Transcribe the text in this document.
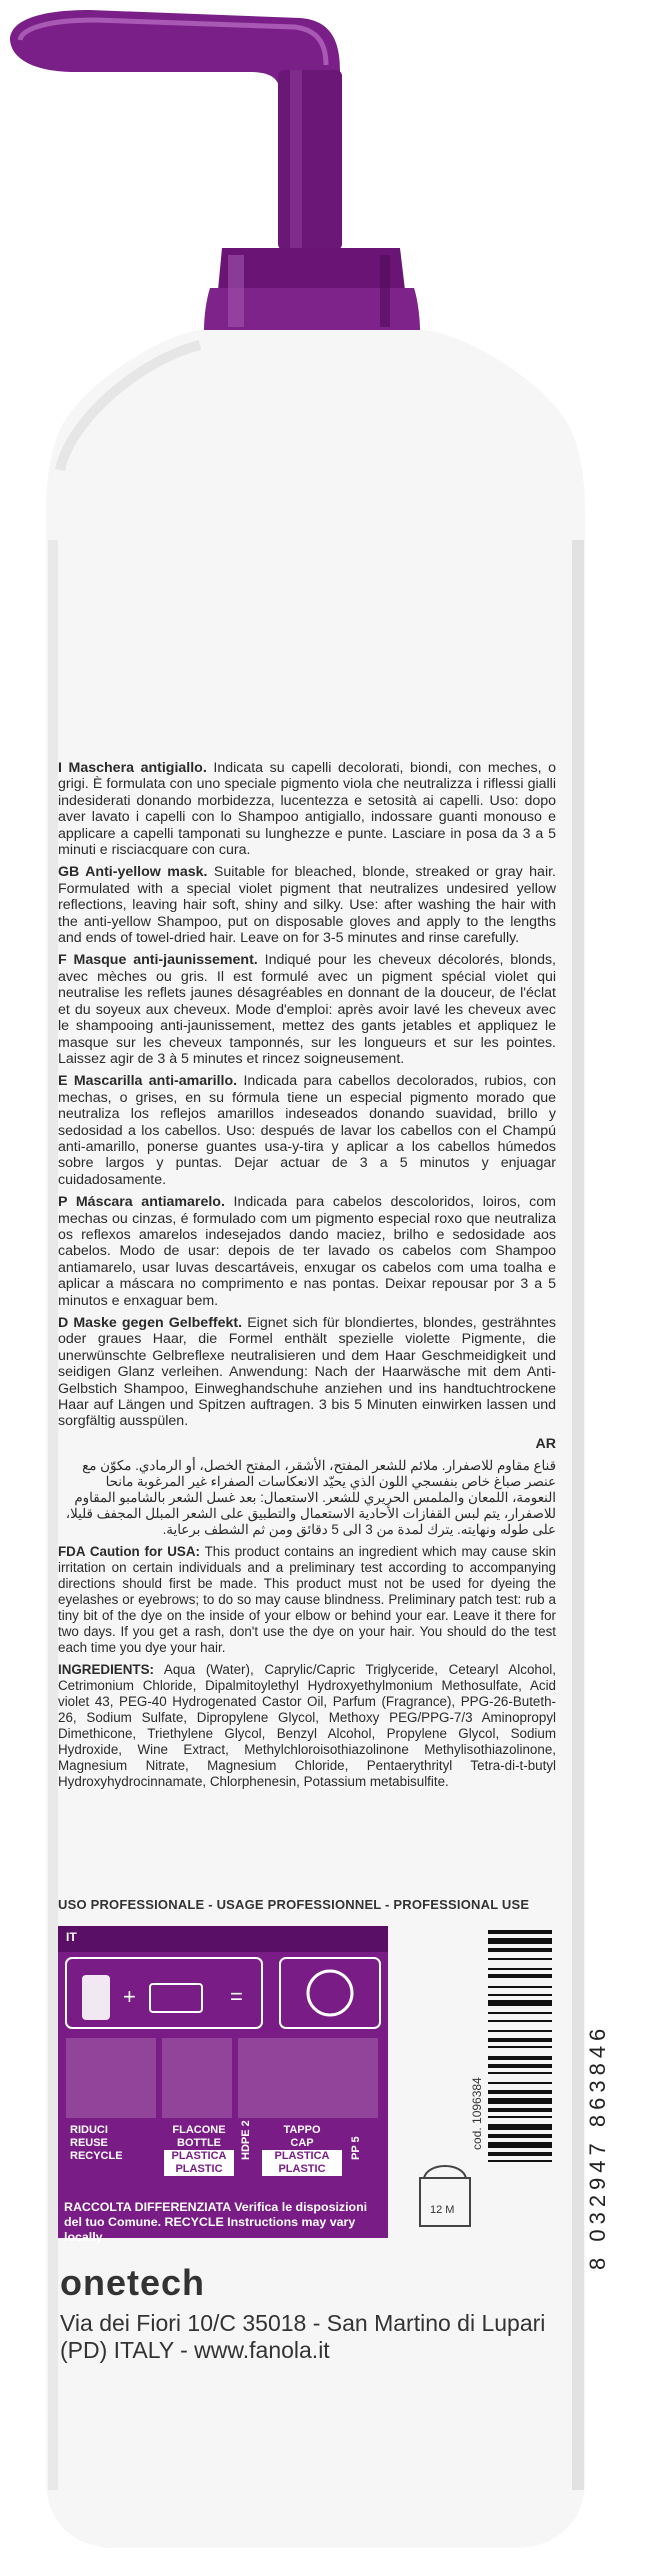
+	=
I Maschera antigiallo. Indicata su capelli decolorati, biondi, con meches, o grigi. È formulata con uno speciale pigmento viola che neutralizza i riflessi gialli indesiderati donando morbidezza, lucentezza e setosità ai capelli. Uso: dopo aver lavato i capelli con lo Shampoo antigiallo, indossare guanti monouso e applicare a capelli tamponati su lunghezze e punte. Lasciare in posa da 3 a 5 minuti e risciacquare con cura.
GB Anti-yellow mask. Suitable for bleached, blonde, streaked or gray hair. Formulated with a special violet pigment that neutralizes undesired yellow reflections, leaving hair soft, shiny and silky. Use: after washing the hair with the anti-yellow Shampoo, put on disposable gloves and apply to the lengths and ends of towel-dried hair. Leave on for 3-5 minutes and rinse carefully.
F Masque anti-jaunissement. Indiqué pour les cheveux décolorés, blonds, avec mèches ou gris. Il est formulé avec un pigment spécial violet qui neutralise les reflets jaunes désagréables en donnant de la douceur, de l'éclat et du soyeux aux cheveux. Mode d'emploi: après avoir lavé les cheveux avec le shampooing anti-jaunissement, mettez des gants jetables et appliquez le masque sur les cheveux tamponnés, sur les longueurs et sur les pointes. Laissez agir de 3 à 5 minutes et rincez soigneusement.
E Mascarilla anti-amarillo. Indicada para cabellos decolorados, rubios, con mechas, o grises, en su fórmula tiene un especial pigmento morado que neutraliza los reflejos amarillos indeseados donando suavidad, brillo y sedosidad a los cabellos. Uso: después de lavar los cabellos con el Champú anti-amarillo, ponerse guantes usa-y-tira y aplicar a los cabellos húmedos sobre largos y puntas. Dejar actuar de 3 a 5 minutos y enjuagar cuidadosamente.
P Máscara antiamarelo. Indicada para cabelos descoloridos, loiros, com mechas ou cinzas, é formulado com um pigmento especial roxo que neutraliza os reflexos amarelos indesejados dando maciez, brilho e sedosidade aos cabelos. Modo de usar: depois de ter lavado os cabelos com Shampoo antiamarelo, usar luvas descartáveis, enxugar os cabelos com uma toalha e aplicar a máscara no comprimento e nas pontas. Deixar repousar por 3 a 5 minutos e enxaguar bem.
D Maske gegen Gelbeffekt. Eignet sich für blondiertes, blondes, gesträhntes oder graues Haar, die Formel enthält spezielle violette Pigmente, die unerwünschte Gelbreflexe neutralisieren und dem Haar Geschmeidigkeit und seidigen Glanz verleihen. Anwendung: Nach der Haarwäsche mit dem Anti-Gelbstich Shampoo, Einweghandschuhe anziehen und ins handtuchtrockene Haar auf Längen und Spitzen auftragen. 3 bis 5 Minuten einwirken lassen und sorgfältig ausspülen.
AR
قناع مقاوم للاصفرار. ملائم للشعر المفتح، الأشقر، المفتح الخصل، أو الرمادي. مكوّن مع عنصر صباغ خاص بنفسجي اللون الذي يحيّد الانعكاسات الصفراء غير المرغوبة مانحا النعومة، اللمعان والملمس الحريري للشعر. الاستعمال: بعد غسل الشعر بالشامبو المقاوم للاصفرار، يتم لبس القفازات الأحادية الاستعمال والتطبيق على الشعر المبلل المجفف قليلا، على طوله ونهايته. يترك لمدة من 3 الى 5 دقائق ومن ثم الشطف برعاية.
FDA Caution for USA: This product contains an ingredient which may cause skin irritation on certain individuals and a preliminary test according to accompanying directions should first be made. This product must not be used for dyeing the eyelashes or eyebrows; to do so may cause blindness. Preliminary patch test: rub a tiny bit of the dye on the inside of your elbow or behind your ear. Leave it there for two days. If you get a rash, don't use the dye on your hair. You should do the test each time you dye your hair.
INGREDIENTS: Aqua (Water), Caprylic/Capric Triglyceride, Cetearyl Alcohol, Cetrimonium Chloride, Dipalmitoylethyl Hydroxyethylmonium Methosulfate, Acid violet 43, PEG-40 Hydrogenated Castor Oil, Parfum (Fragrance), PPG-26-Buteth-26, Sodium Sulfate, Dipropylene Glycol, Methoxy PEG/PPG-7/3 Aminopropyl Dimethicone, Triethylene Glycol, Benzyl Alcohol, Propylene Glycol, Sodium Hydroxide, Wine Extract, Methylchloroisothiazolinone Methylisothiazolinone, Magnesium Nitrate, Magnesium Chloride, Pentaerythrityl Tetra-di-t-butyl Hydroxyhydrocinnamate, Chlorphenesin, Potassium metabisulfite.
USO PROFESSIONALE - USAGE PROFESSIONNEL - PROFESSIONAL USE
IT
RIDUCI
REUSE
RECYCLE
FLACONE
BOTTLE
PLASTICA PLASTIC
HDPE 2	TAPPO
CAP
PLASTICA PLASTIC
PP 5
RACCOLTA DIFFERENZIATA Verifica le disposizioni del tuo Comune. RECYCLE Instructions may vary locally
12 M
cod. 1096384	8 032947 863846
onetech
Via dei Fiori 10/C 35018 - San Martino di Lupari
(PD) ITALY - www.fanola.it
